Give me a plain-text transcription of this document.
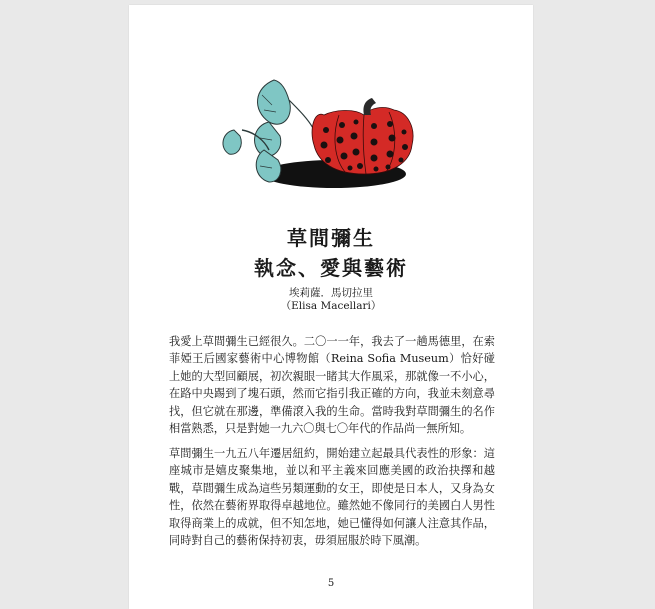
草間彌生
執念、愛與藝術
埃莉薩．馬切拉里
（Elisa Macellari）
我愛上草間彌生已經很久。二〇一一年，我去了一趟馬德里，在索菲婭王后國家藝術中心博物館（Reina Sofia Museum）恰好碰上她的大型回顧展，初次親眼一睹其大作風采，那就像一不小心，在路中央踢到了塊石頭，然而它指引我正確的方向，我並未刻意尋找，但它就在那邊，準備滾入我的生命。當時我對草間彌生的名作相當熟悉，只是對她一九六〇與七〇年代的作品尚一無所知。
草間彌生一九五八年遷居紐約，開始建立起最具代表性的形象：這座城市是嬉皮聚集地，並以和平主義來回應美國的政治抉擇和越戰，草間彌生成為這些另類運動的女王，即使是日本人，又身為女性，依然在藝術界取得卓越地位。雖然她不像同行的美國白人男性取得商業上的成就，但不知怎地，她已懂得如何讓人注意其作品，同時對自己的藝術保持初衷，毋須屈服於時下風潮。
5
